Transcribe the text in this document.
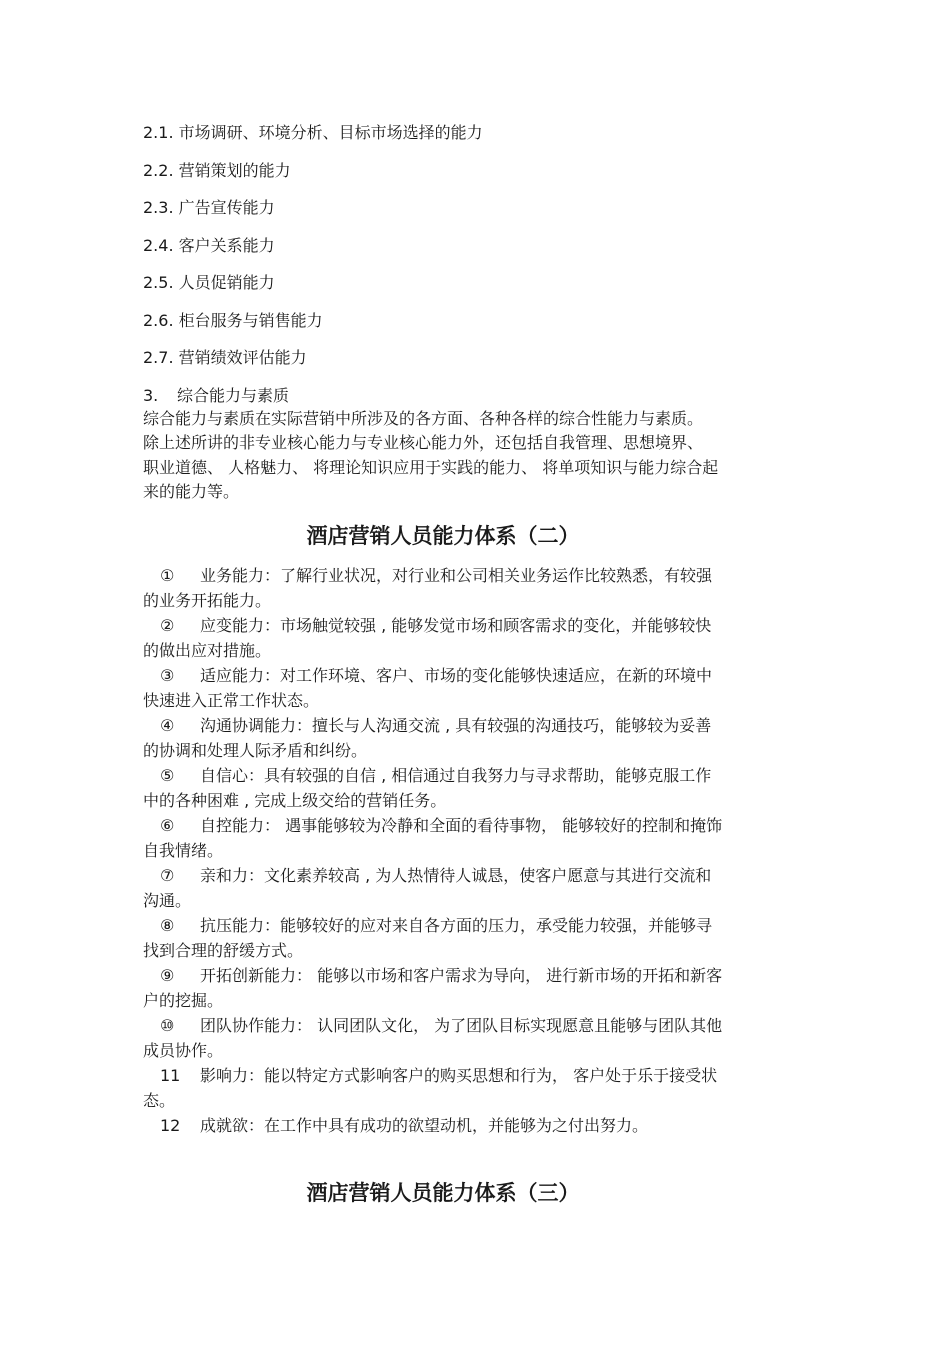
2.1. 市场调研、环境分析、目标市场选择的能力

2.2. 营销策划的能力

2.3. 广告宣传能力

2.4. 客户关系能力

2.5. 人员促销能力

2.6. 柜台服务与销售能力

2.7. 营销绩效评估能力

3. 综合能力与素质

综合能力与素质在实际营销中所涉及的各方面、各种各样的综合性能力与素质。
除上述所讲的非专业核心能力与专业核心能力外，还包括自我管理、思想境界、
职业道德、 人格魅力、 将理论知识应用于实践的能力、 将单项知识与能力综合起
来的能力等。
酒店营销人员能力体系（二）
① 业务能力：了解行业状况，对行业和公司相关业务运作比较熟悉，有较强
的业务开拓能力。
② 应变能力：市场触觉较强 , 能够发觉市场和顾客需求的变化，并能够较快
的做出应对措施。
③ 适应能力：对工作环境、客户、市场的变化能够快速适应，在新的环境中
快速进入正常工作状态。
④ 沟通协调能力：擅长与人沟通交流 , 具有较强的沟通技巧，能够较为妥善
的协调和处理人际矛盾和纠纷。
⑤ 自信心：具有较强的自信 , 相信通过自我努力与寻求帮助，能够克服工作
中的各种困难 , 完成上级交给的营销任务。
⑥ 自控能力： 遇事能够较为冷静和全面的看待事物， 能够较好的控制和掩饰
自我情绪。
⑦ 亲和力：文化素养较高 , 为人热情待人诚恳，使客户愿意与其进行交流和
沟通。
⑧ 抗压能力：能够较好的应对来自各方面的压力，承受能力较强，并能够寻
找到合理的舒缓方式。
⑨ 开拓创新能力： 能够以市场和客户需求为导向， 进行新市场的开拓和新客
户的挖掘。
⑩ 团队协作能力： 认同团队文化， 为了团队目标实现愿意且能够与团队其他
成员协作。
11 影响力：能以特定方式影响客户的购买思想和行为， 客户处于乐于接受状
态。
12 成就欲：在工作中具有成功的欲望动机，并能够为之付出努力。
酒店营销人员能力体系（三）
